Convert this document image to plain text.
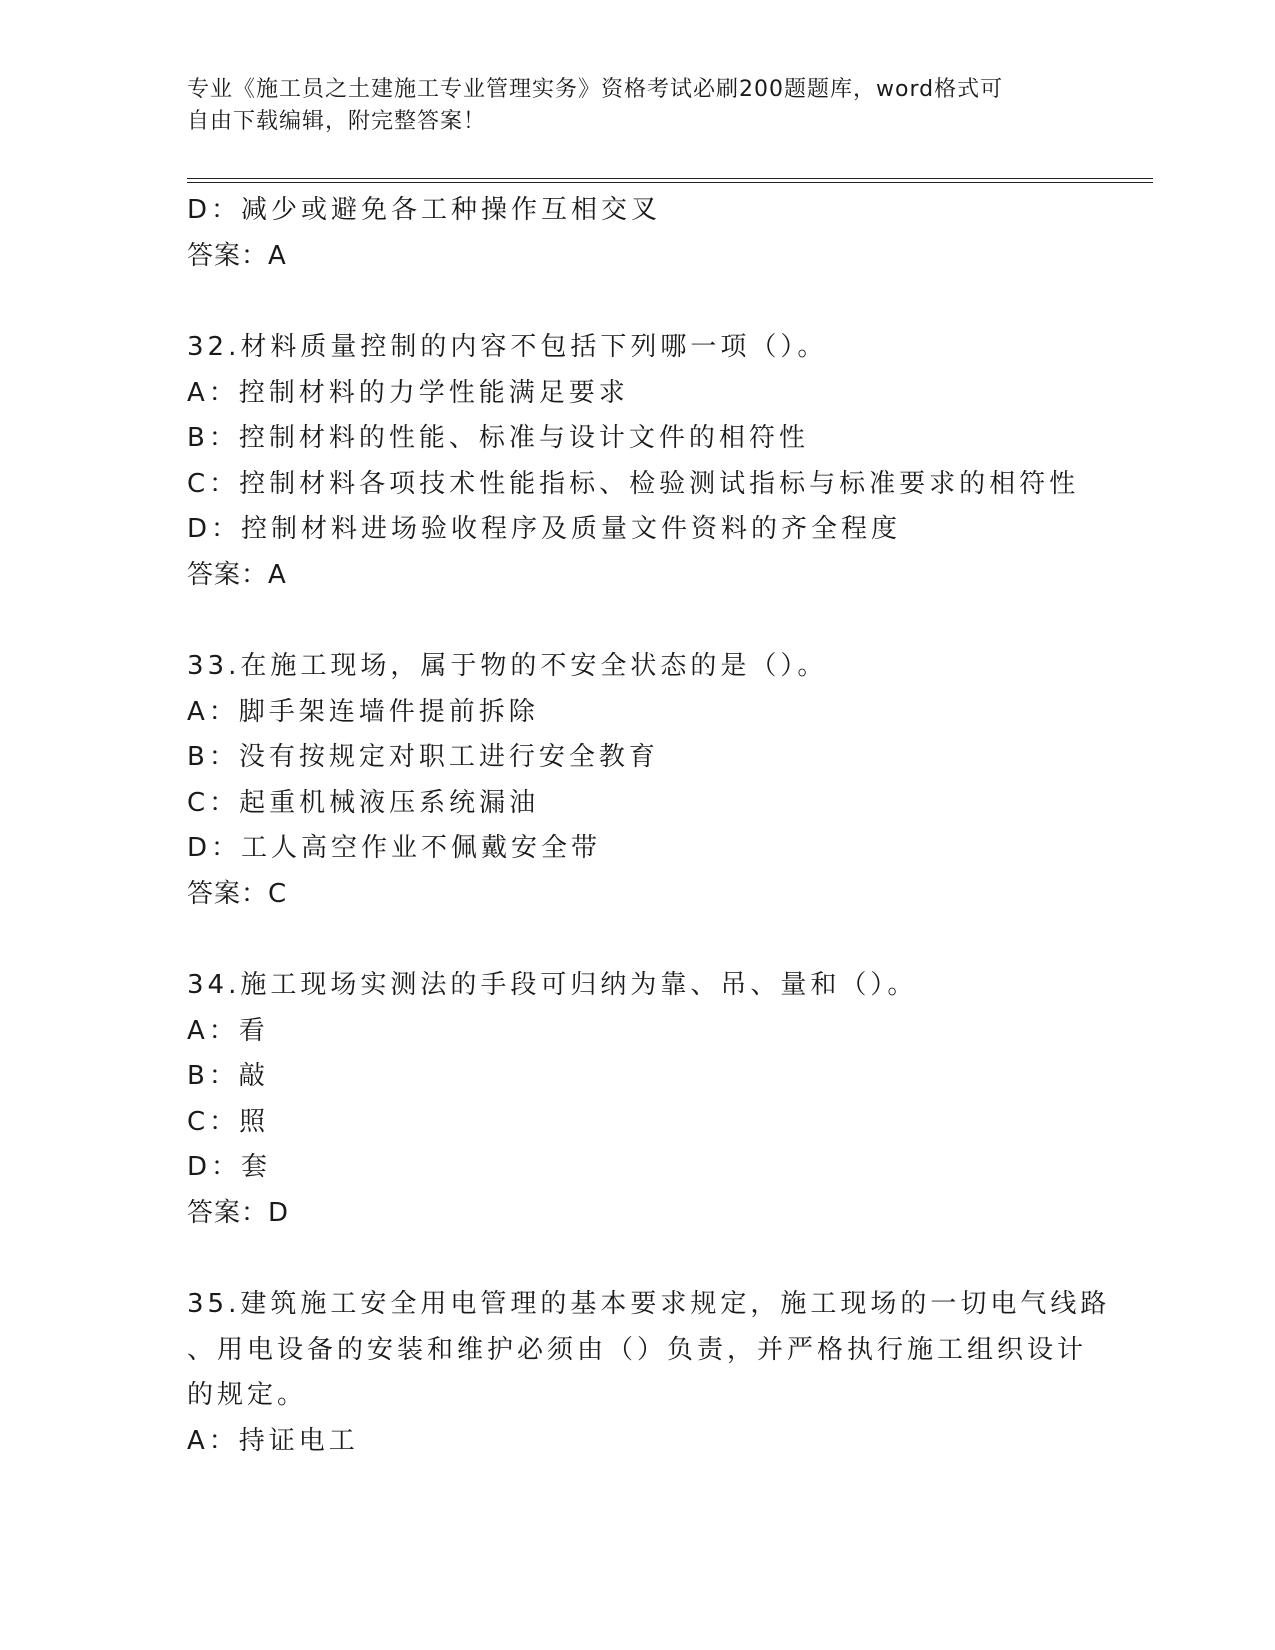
专业《施工员之土建施工专业管理实务》资格考试必刷200题题库，word格式可
自由下载编辑，附完整答案！
D：减少或避免各工种操作互相交叉
答案：A
32.材料质量控制的内容不包括下列哪一项（）。
A：控制材料的力学性能满足要求
B：控制材料的性能、标准与设计文件的相符性
C：控制材料各项技术性能指标、检验测试指标与标准要求的相符性
D：控制材料进场验收程序及质量文件资料的齐全程度
答案：A
33.在施工现场，属于物的不安全状态的是（）。
A：脚手架连墙件提前拆除
B：没有按规定对职工进行安全教育
C：起重机械液压系统漏油
D：工人高空作业不佩戴安全带
答案：C
34.施工现场实测法的手段可归纳为靠、吊、量和（）。
A：看
B：敲
C：照
D：套
答案：D
35.建筑施工安全用电管理的基本要求规定，施工现场的一切电气线路
、用电设备的安装和维护必须由（）负责，并严格执行施工组织设计
的规定。
A：持证电工
